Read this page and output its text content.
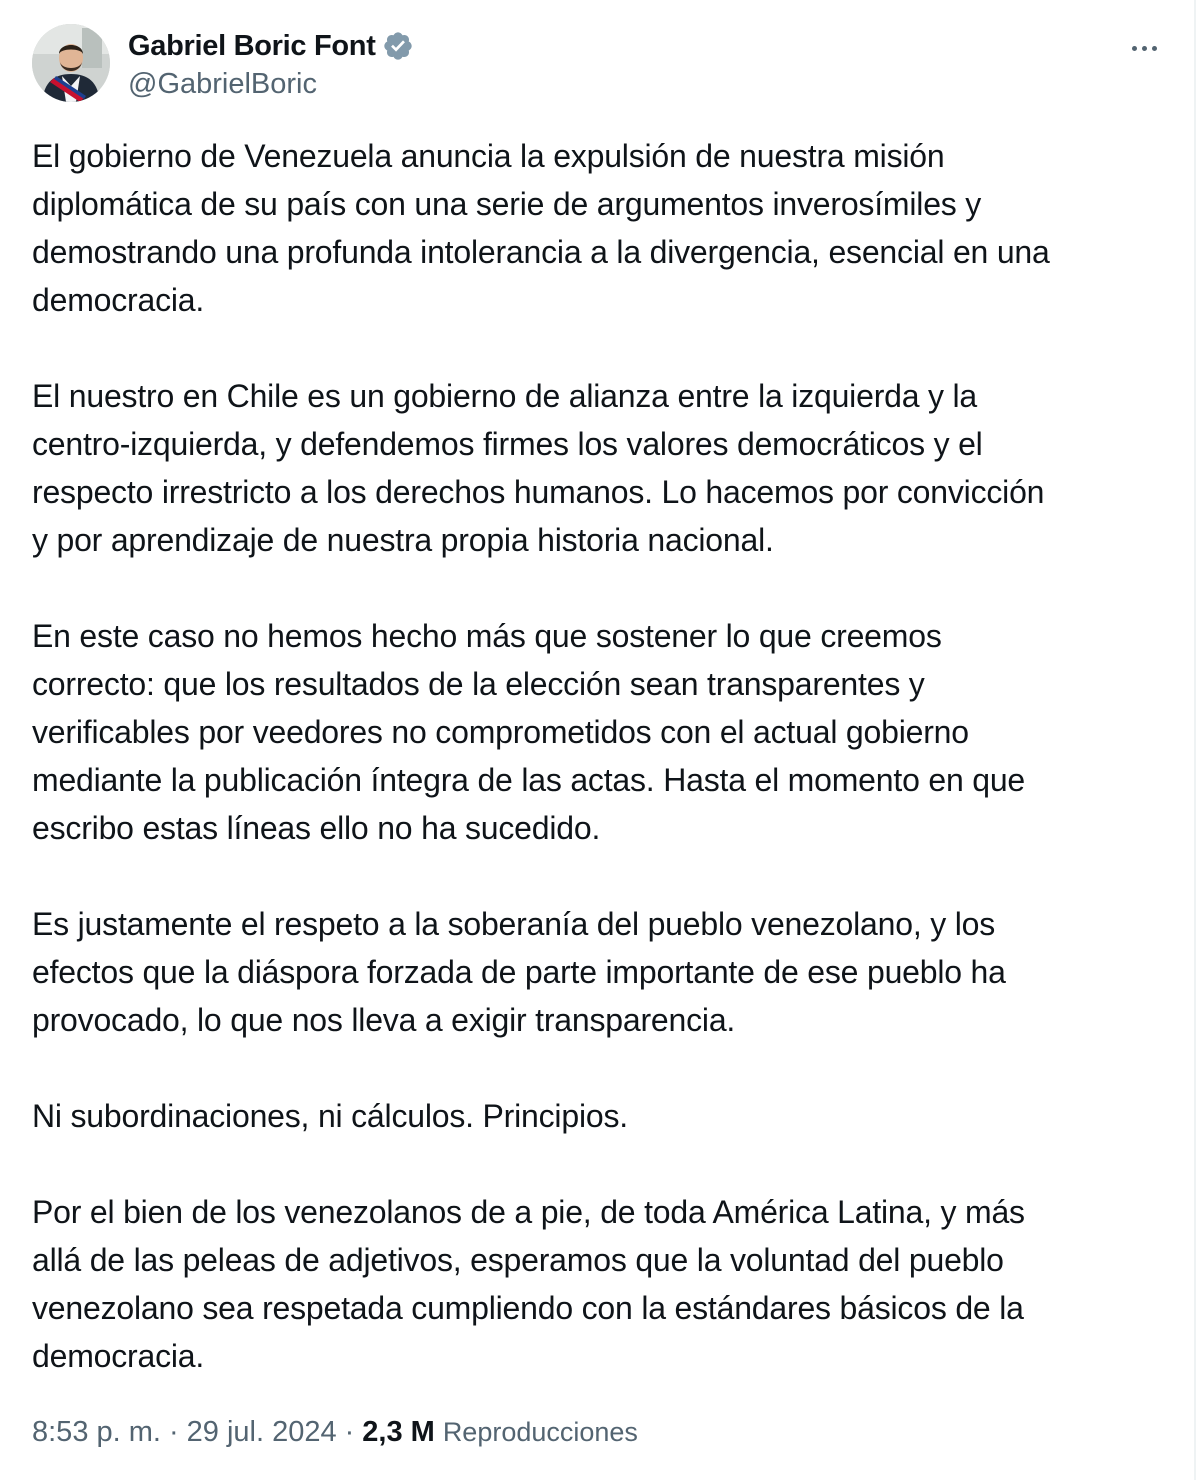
Gabriel Boric Font
@GabrielBoric

El gobierno de Venezuela anuncia la expulsión de nuestra misión
diplomática de su país con una serie de argumentos inverosímiles y
demostrando una profunda intolerancia a la divergencia, esencial en una
democracia.

El nuestro en Chile es un gobierno de alianza entre la izquierda y la
centro-izquierda, y defendemos firmes los valores democráticos y el
respecto irrestricto a los derechos humanos. Lo hacemos por convicción
y por aprendizaje de nuestra propia historia nacional.

En este caso no hemos hecho más que sostener lo que creemos
correcto: que los resultados de la elección sean transparentes y
verificables por veedores no comprometidos con el actual gobierno
mediante la publicación íntegra de las actas. Hasta el momento en que
escribo estas líneas ello no ha sucedido.

Es justamente el respeto a la soberanía del pueblo venezolano, y los
efectos que la diáspora forzada de parte importante de ese pueblo ha
provocado, lo que nos lleva a exigir transparencia.

Ni subordinaciones, ni cálculos. Principios.

Por el bien de los venezolanos de a pie, de toda América Latina, y más
allá de las peleas de adjetivos, esperamos que la voluntad del pueblo
venezolano sea respetada cumpliendo con la estándares básicos de la
democracia.

8:53 p. m. · 29 jul. 2024 · 2,3 M Reproducciones
